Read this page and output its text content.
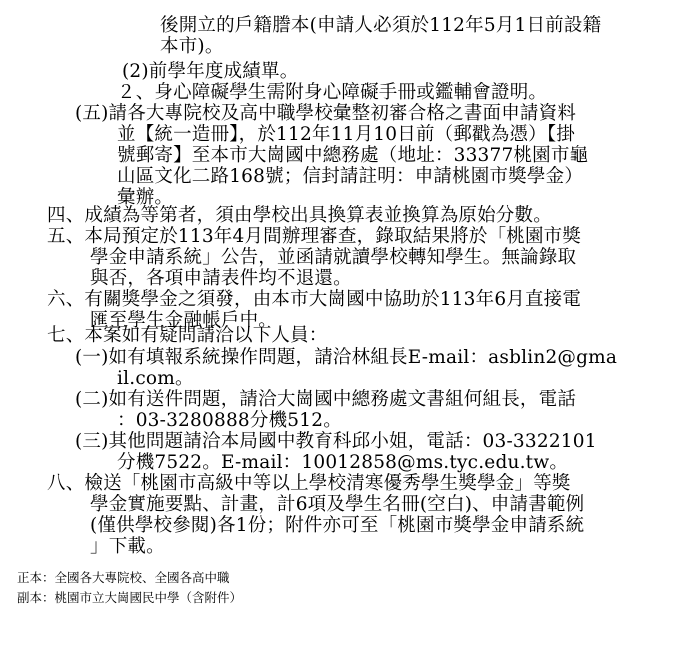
後開立的戶籍謄本(申請人必須於112年5月1日前設籍
本市)。
(2)前學年度成績單。
２、身心障礙學生需附身心障礙手冊或鑑輔會證明。
(五)請各大專院校及高中職學校彙整初審合格之書面申請資料
並【統一造冊】，於112年11月10日前（郵戳為憑）【掛
號郵寄】至本市大崗國中總務處（地址：33377桃園市龜
山區文化二路168號；信封請註明：申請桃園市獎學金）
彙辦。
四、成績為等第者，須由學校出具換算表並換算為原始分數。
五、本局預定於113年4月間辦理審查，錄取結果將於「桃園市獎
學金申請系統」公告，並函請就讀學校轉知學生。無論錄取
與否，各項申請表件均不退還。
六、有關獎學金之須發，由本市大崗國中協助於113年6月直接電
匯至學生金融帳戶中。
七、本案如有疑問請洽以下人員：
(一)如有填報系統操作問題，請洽林組長E-mail：asblin2@gma
il.com。
(二)如有送件問題，請洽大崗國中總務處文書組何組長，電話
：03-3280888分機512。
(三)其他問題請洽本局國中教育科邱小姐，電話：03-3322101
分機7522。E-mail：10012858@ms.tyc.edu.tw。
八、檢送「桃園市高級中等以上學校清寒優秀學生獎學金」等獎
學金實施要點、計畫，計6項及學生名冊(空白)、申請書範例
(僅供學校參閱)各1份；附件亦可至「桃園市獎學金申請系統
」下載。
正本：全國各大專院校、全國各高中職
副本：桃園市立大崗國民中學（含附件）
